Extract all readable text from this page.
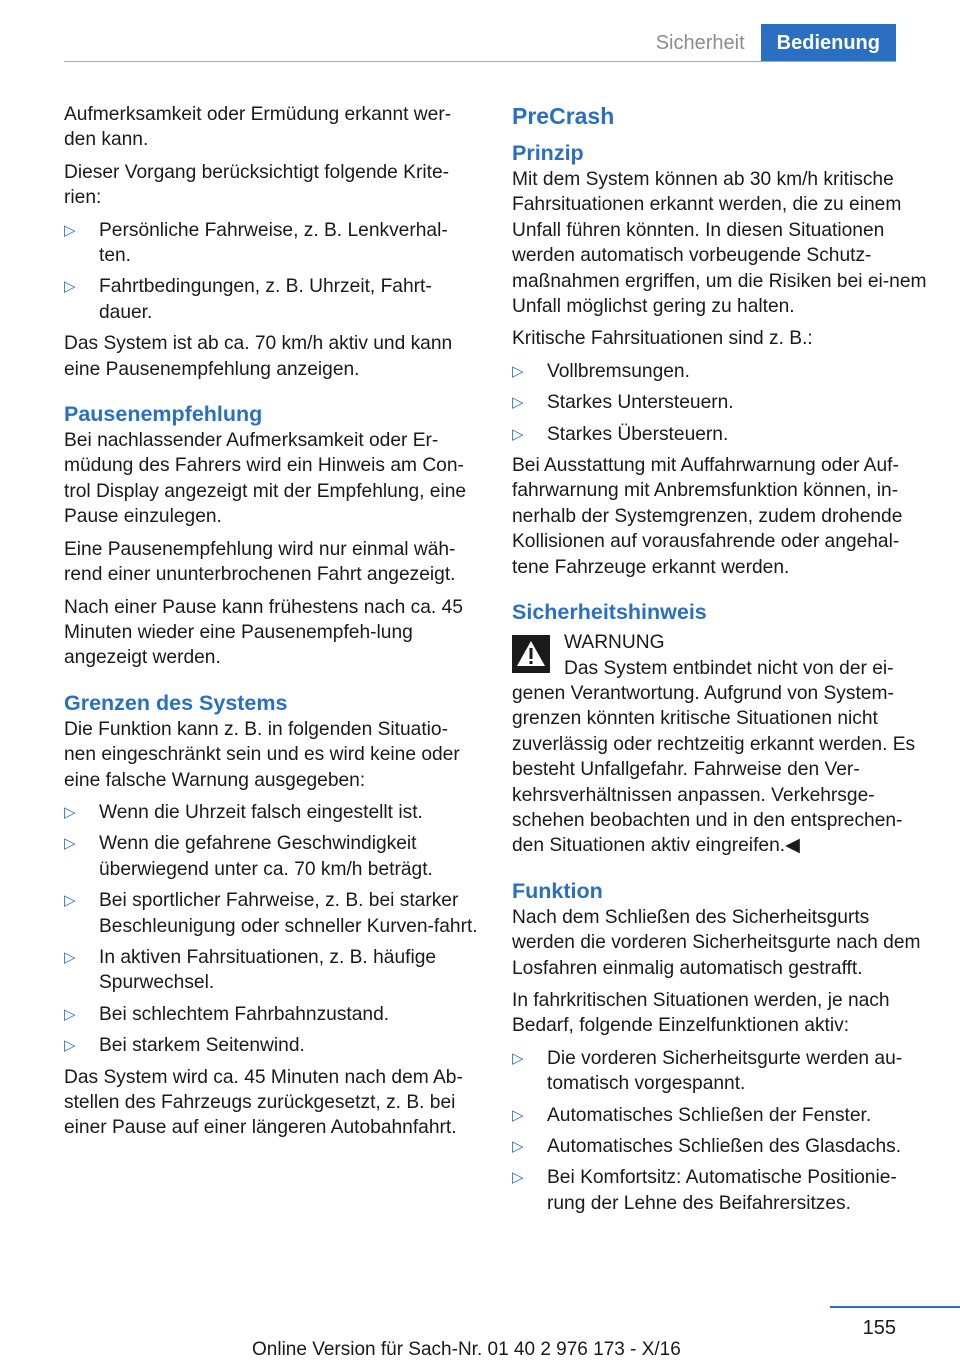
Sicherheit	Bedienung

Aufmerksamkeit oder Ermüdung erkannt wer-den kann.

Dieser Vorgang berücksichtigt folgende Krite-rien:

▷ Persönliche Fahrweise, z. B. Lenkverhal-ten.
▷ Fahrtbedingungen, z. B. Uhrzeit, Fahrt-dauer.

Das System ist ab ca. 70 km/h aktiv und kann eine Pausenempfehlung anzeigen.

Pausenempfehlung

Bei nachlassender Aufmerksamkeit oder Er-müdung des Fahrers wird ein Hinweis am Con-trol Display angezeigt mit der Empfehlung, eine Pause einzulegen.

Eine Pausenempfehlung wird nur einmal wäh-rend einer ununterbrochenen Fahrt angezeigt.

Nach einer Pause kann frühestens nach ca. 45 Minuten wieder eine Pausenempfeh-lung angezeigt werden.

Grenzen des Systems

Die Funktion kann z. B. in folgenden Situatio-nen eingeschränkt sein und es wird keine oder eine falsche Warnung ausgegeben:

▷ Wenn die Uhrzeit falsch eingestellt ist.
▷ Wenn die gefahrene Geschwindigkeit überwiegend unter ca. 70 km/h beträgt.
▷ Bei sportlicher Fahrweise, z. B. bei starker Beschleunigung oder schneller Kurven-fahrt.
▷ In aktiven Fahrsituationen, z. B. häufige Spurwechsel.
▷ Bei schlechtem Fahrbahnzustand.
▷ Bei starkem Seitenwind.

Das System wird ca. 45 Minuten nach dem Ab-stellen des Fahrzeugs zurückgesetzt, z. B. bei einer Pause auf einer längeren Autobahnfahrt.

PreCrash
Prinzip

Mit dem System können ab 30 km/h kritische Fahrsituationen erkannt werden, die zu einem Unfall führen könnten. In diesen Situationen werden automatisch vorbeugende Schutz-maßnahmen ergriffen, um die Risiken bei ei-nem Unfall möglichst gering zu halten.

Kritische Fahrsituationen sind z. B.:

▷ Vollbremsungen.
▷ Starkes Untersteuern.
▷ Starkes Übersteuern.

Bei Ausstattung mit Auffahrwarnung oder Auf-fahrwarnung mit Anbremsfunktion können, in-nerhalb der Systemgrenzen, zudem drohende Kollisionen auf vorausfahrende oder angehal-tene Fahrzeuge erkannt werden.

Sicherheitshinweis
WARNUNG

Das System entbindet nicht von der ei-genen Verantwortung. Aufgrund von System-grenzen könnten kritische Situationen nicht zuverlässig oder rechtzeitig erkannt werden. Es besteht Unfallgefahr. Fahrweise den Ver-kehrsverhältnissen anpassen. Verkehrsge-schehen beobachten und in den entsprechen-den Situationen aktiv eingreifen.◀

Funktion

Nach dem Schließen des Sicherheitsgurts werden die vorderen Sicherheitsgurte nach dem Losfahren einmalig automatisch gestrafft.

In fahrkritischen Situationen werden, je nach Bedarf, folgende Einzelfunktionen aktiv:

▷ Die vorderen Sicherheitsgurte werden au-tomatisch vorgespannt.
▷ Automatisches Schließen der Fenster.
▷ Automatisches Schließen des Glasdachs.
▷ Bei Komfortsitz: Automatische Positionie-rung der Lehne des Beifahrersitzes.
155
Online Version für Sach-Nr. 01 40 2 976 173 - X/16
